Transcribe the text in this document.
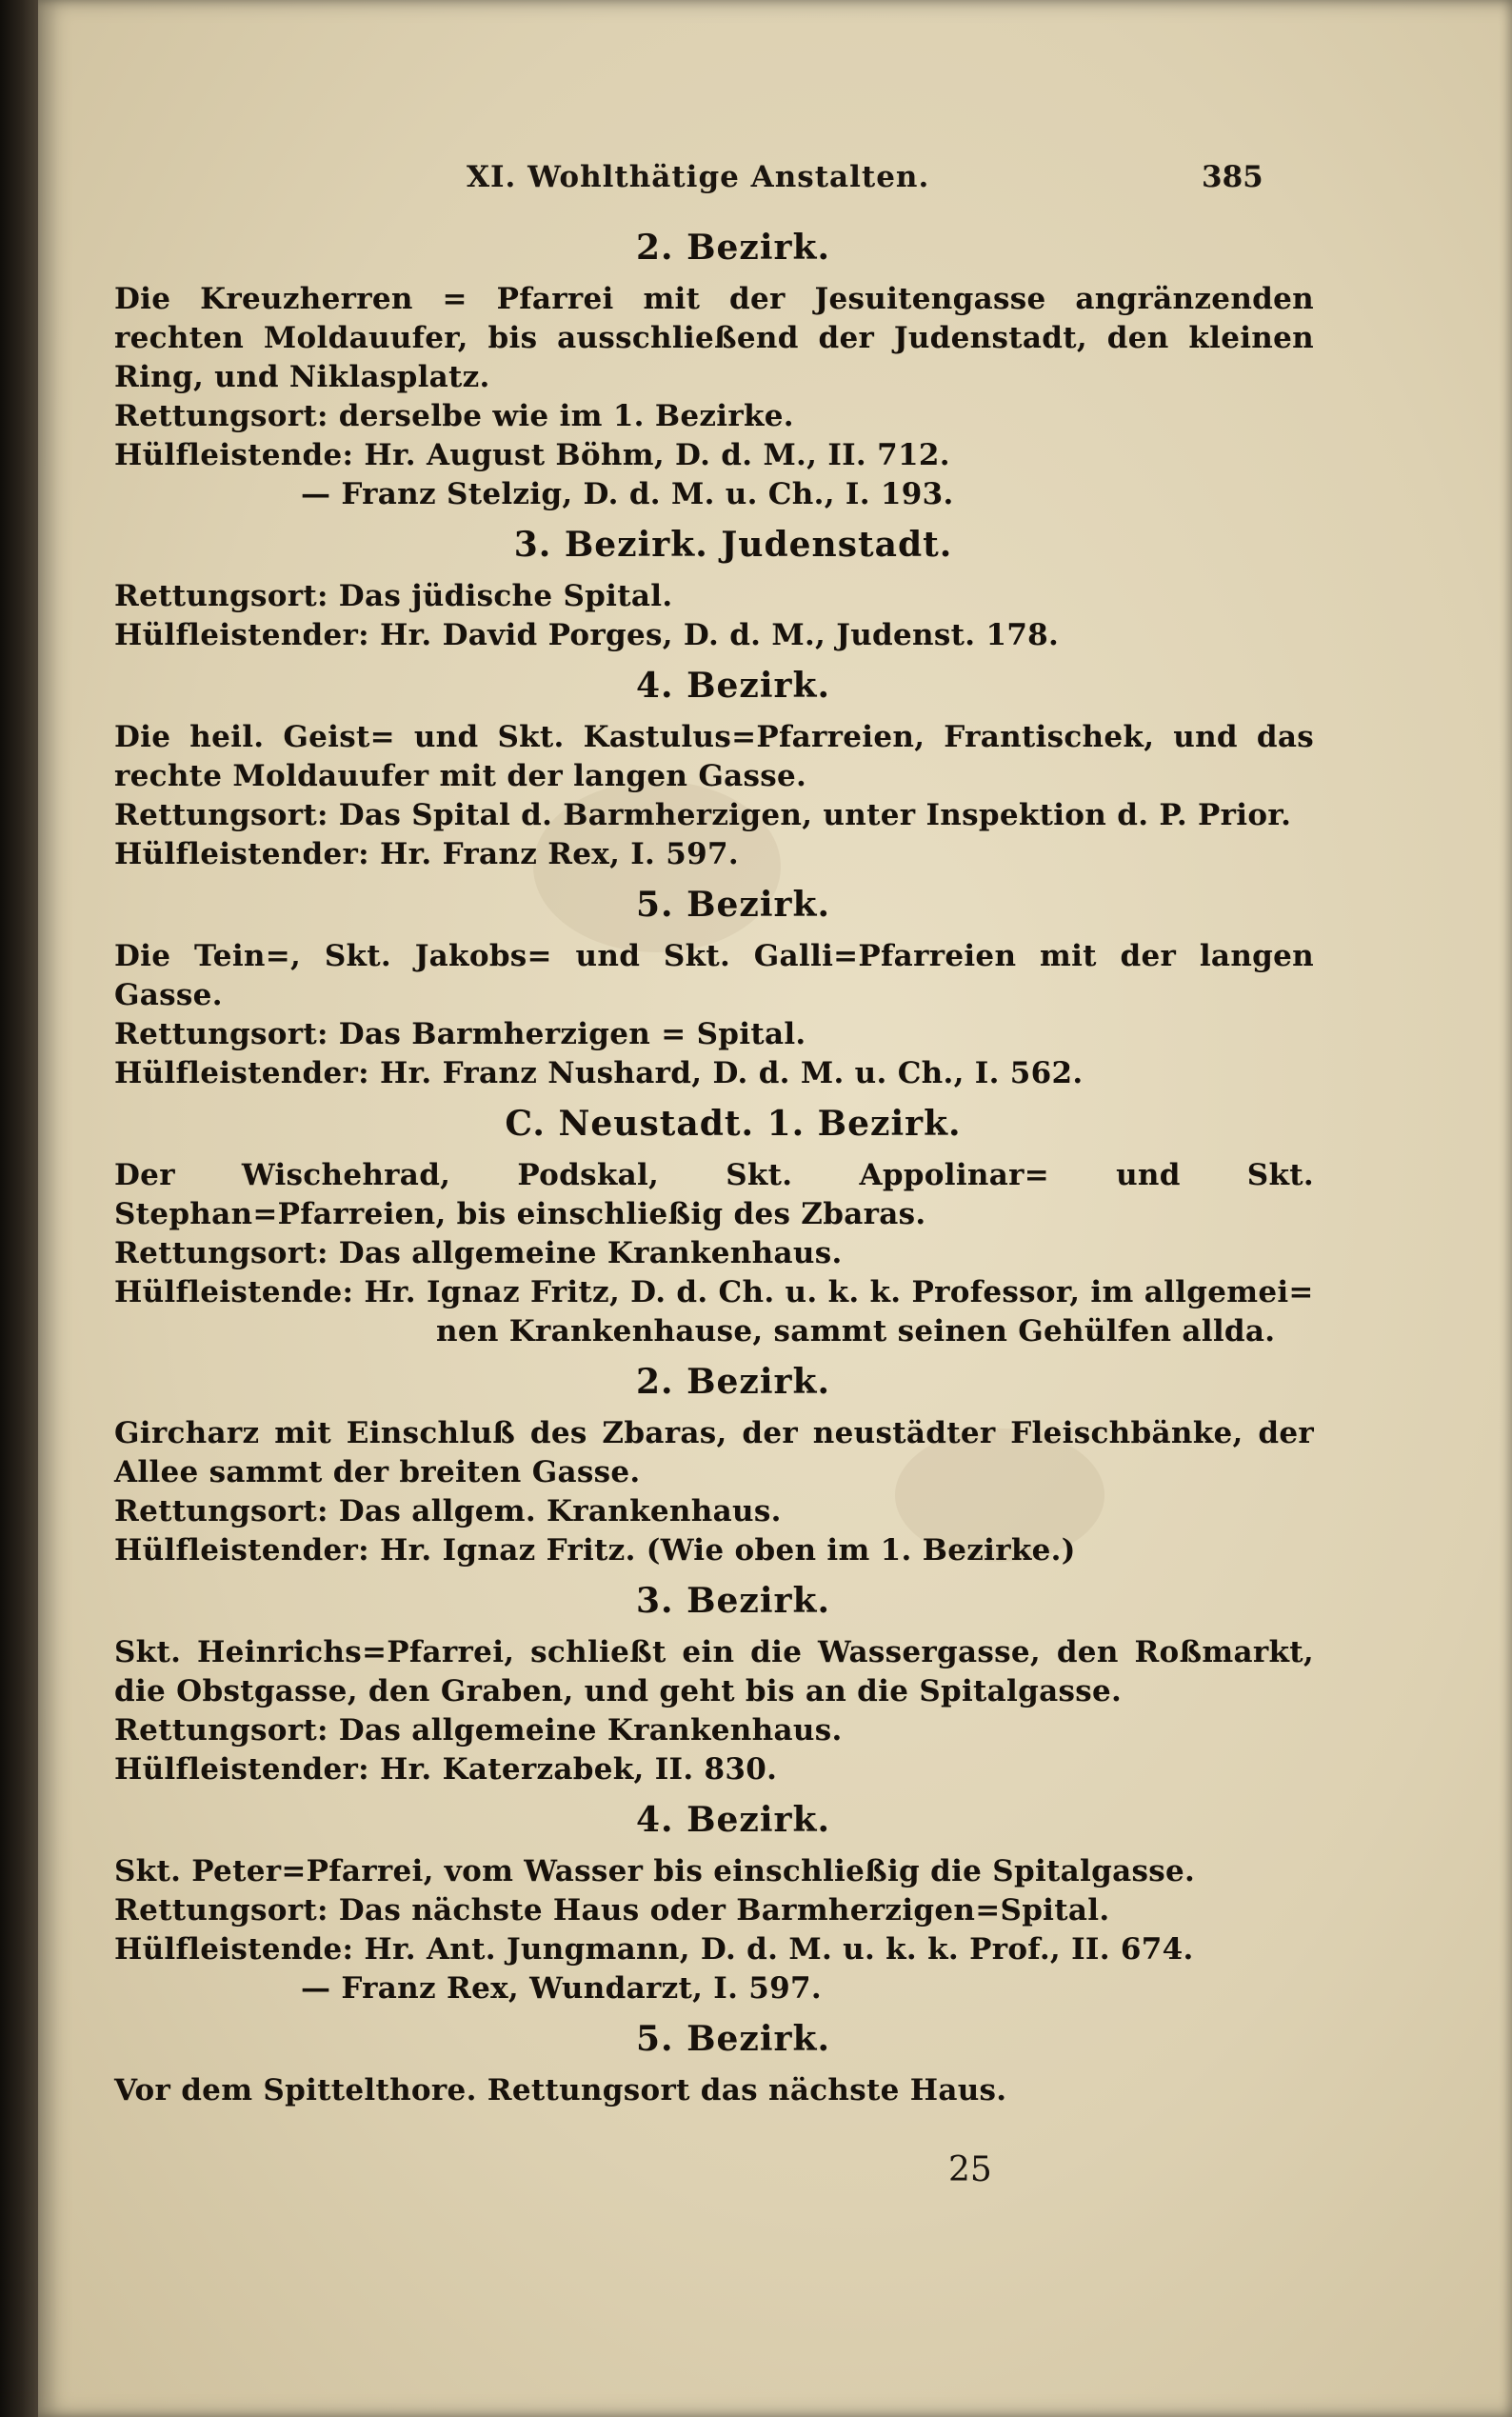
XI. Wohlthätige Anstalten.	385
2. Bezirk.

Die Kreuzherren = Pfarrei mit der Jesuitengasse angränzenden rechten Moldauufer, bis ausschließend der Judenstadt, den kleinen Ring, und Niklasplatz.

Rettungsort: derselbe wie im 1. Bezirke.
Hülfleistende: Hr. August Böhm, D. d. M., II. 712.
— Franz Stelzig, D. d. M. u. Ch., I. 193.
3. Bezirk. Judenstadt.
Rettungsort: Das jüdische Spital.
Hülfleistender: Hr. David Porges, D. d. M., Judenst. 178.
4. Bezirk.

Die heil. Geist= und Skt. Kastulus=Pfarreien, Frantischek, und das rechte Moldauufer mit der langen Gasse.

Rettungsort: Das Spital d. Barmherzigen, unter Inspektion d. P. Prior.
Hülfleistender: Hr. Franz Rex, I. 597.
5. Bezirk.

Die Tein=, Skt. Jakobs= und Skt. Galli=Pfarreien mit der langen Gasse.

Rettungsort: Das Barmherzigen = Spital.
Hülfleistender: Hr. Franz Nushard, D. d. M. u. Ch., I. 562.
C. Neustadt. 1. Bezirk.

Der Wischehrad, Podskal, Skt. Appolinar= und Skt. Stephan=Pfarreien, bis einschließig des Zbaras.

Rettungsort: Das allgemeine Krankenhaus.
Hülfleistende: Hr. Ignaz Fritz, D. d. Ch. u. k. k. Professor, im allgemei=
nen Krankenhause, sammt seinen Gehülfen allda.
2. Bezirk.

Gircharz mit Einschluß des Zbaras, der neustädter Fleischbänke, der Allee sammt der breiten Gasse.

Rettungsort: Das allgem. Krankenhaus.
Hülfleistender: Hr. Ignaz Fritz. (Wie oben im 1. Bezirke.)
3. Bezirk.

Skt. Heinrichs=Pfarrei, schließt ein die Wassergasse, den Roßmarkt, die Obstgasse, den Graben, und geht bis an die Spitalgasse.

Rettungsort: Das allgemeine Krankenhaus.
Hülfleistender: Hr. Katerzabek, II. 830.
4. Bezirk.
Skt. Peter=Pfarrei, vom Wasser bis einschließig die Spitalgasse.
Rettungsort: Das nächste Haus oder Barmherzigen=Spital.
Hülfleistende: Hr. Ant. Jungmann, D. d. M. u. k. k. Prof., II. 674.
— Franz Rex, Wundarzt, I. 597.
5. Bezirk.
Vor dem Spittelthore. Rettungsort das nächste Haus.
25
